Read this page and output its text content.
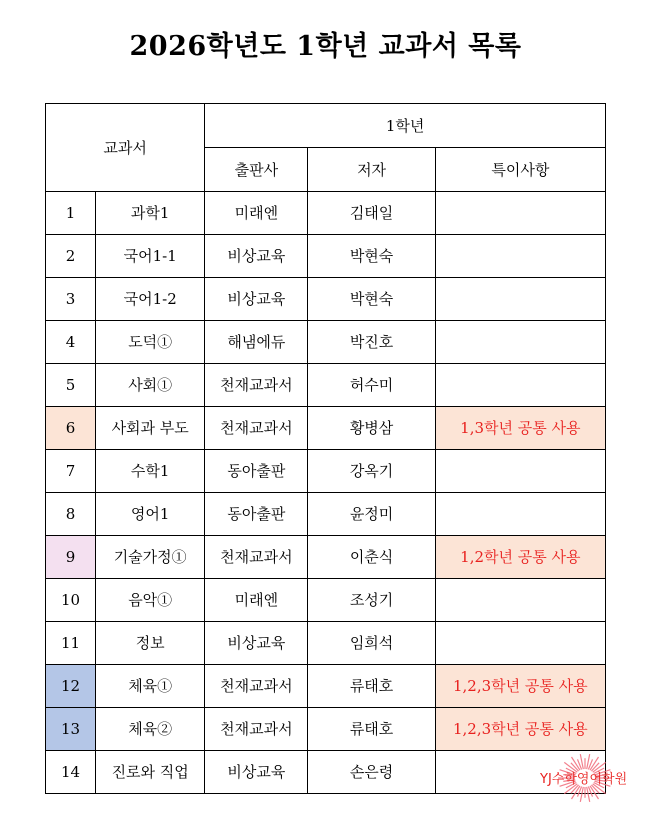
2026학년도 1학년 교과서 목록
교과서		1학년		
		출판사	저자	특이사항
1	과학1	미래엔	김태일	
2	국어1-1	비상교육	박현숙	
3	국어1-2	비상교육	박현숙	
4	도덕①	해냄에듀	박진호	
5	사회①	천재교과서	허수미	
6	사회과 부도	천재교과서	황병삼	1,3학년 공통 사용
7	수학1	동아출판	강옥기	
8	영어1	동아출판	윤정미	
9	기술가정①	천재교과서	이춘식	1,2학년 공통 사용
10	음악①	미래엔	조성기	
11	정보	비상교육	임희석	
12	체육①	천재교과서	류태호	1,2,3학년 공통 사용
13	체육②	천재교과서	류태호	1,2,3학년 공통 사용
14	진로와 직업	비상교육	손은령		YJ수학영어학원
